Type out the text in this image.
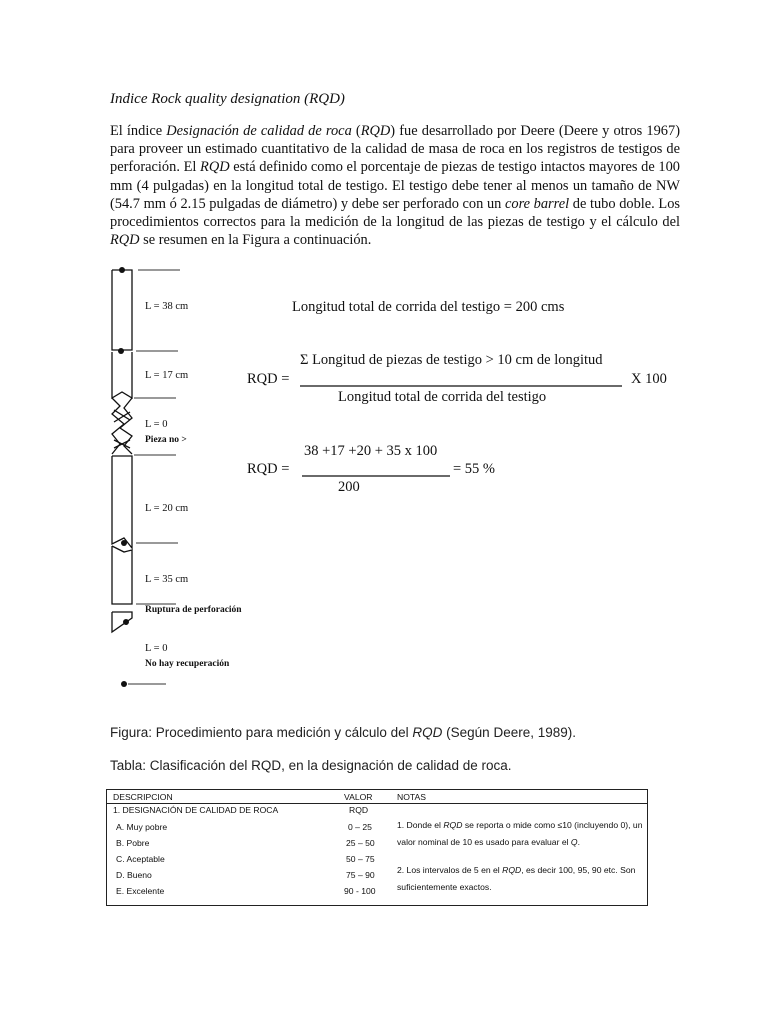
Indice Rock quality designation (RQD)
El índice Designación de calidad de roca (RQD) fue desarrollado por Deere (Deere y otros 1967) para proveer un estimado cuantitativo de la calidad de masa de roca en los registros de testigos de perforación. El RQD está definido como el porcentaje de piezas de testigo intactos mayores de 100 mm (4 pulgadas) en la longitud total de testigo. El testigo debe tener al menos un tamaño de NW (54.7 mm ó 2.15 pulgadas de diámetro) y debe ser perforado con un core barrel de tubo doble. Los procedimientos correctos para la medición de la longitud de las piezas de testigo y el cálculo del RQD se resumen en la Figura a continuación.
L = 38 cm
L = 17 cm
L = 0
Pieza no >
L = 20 cm
L = 35 cm
Ruptura de perforación
L = 0
No hay recuperación
Longitud total de corrida del testigo = 200 cms
Σ Longitud de piezas de testigo > 10 cm de longitud
RQD =	X 100
Longitud total de corrida del testigo
38 +17 +20 + 35 x 100
RQD =	= 55 %
200
Figura: Procedimiento para medición y cálculo del RQD (Según Deere, 1989).
Tabla: Clasificación del RQD, en la designación de calidad de roca.
DESCRIPCION	VALOR	NOTAS
1. DESIGNACIÓN DE CALIDAD DE ROCA	RQD
A. Muy pobre	0 – 25
B. Pobre	25 – 50
C. Aceptable	50 – 75
D. Bueno	75 – 90
E. Excelente	90 - 100
1. Donde el RQD se reporta o mide como ≤10 (incluyendo 0), un valor nominal de 10 es usado para evaluar el Q.
2. Los intervalos de 5 en el RQD, es decir 100, 95, 90 etc. Son suficientemente exactos.
